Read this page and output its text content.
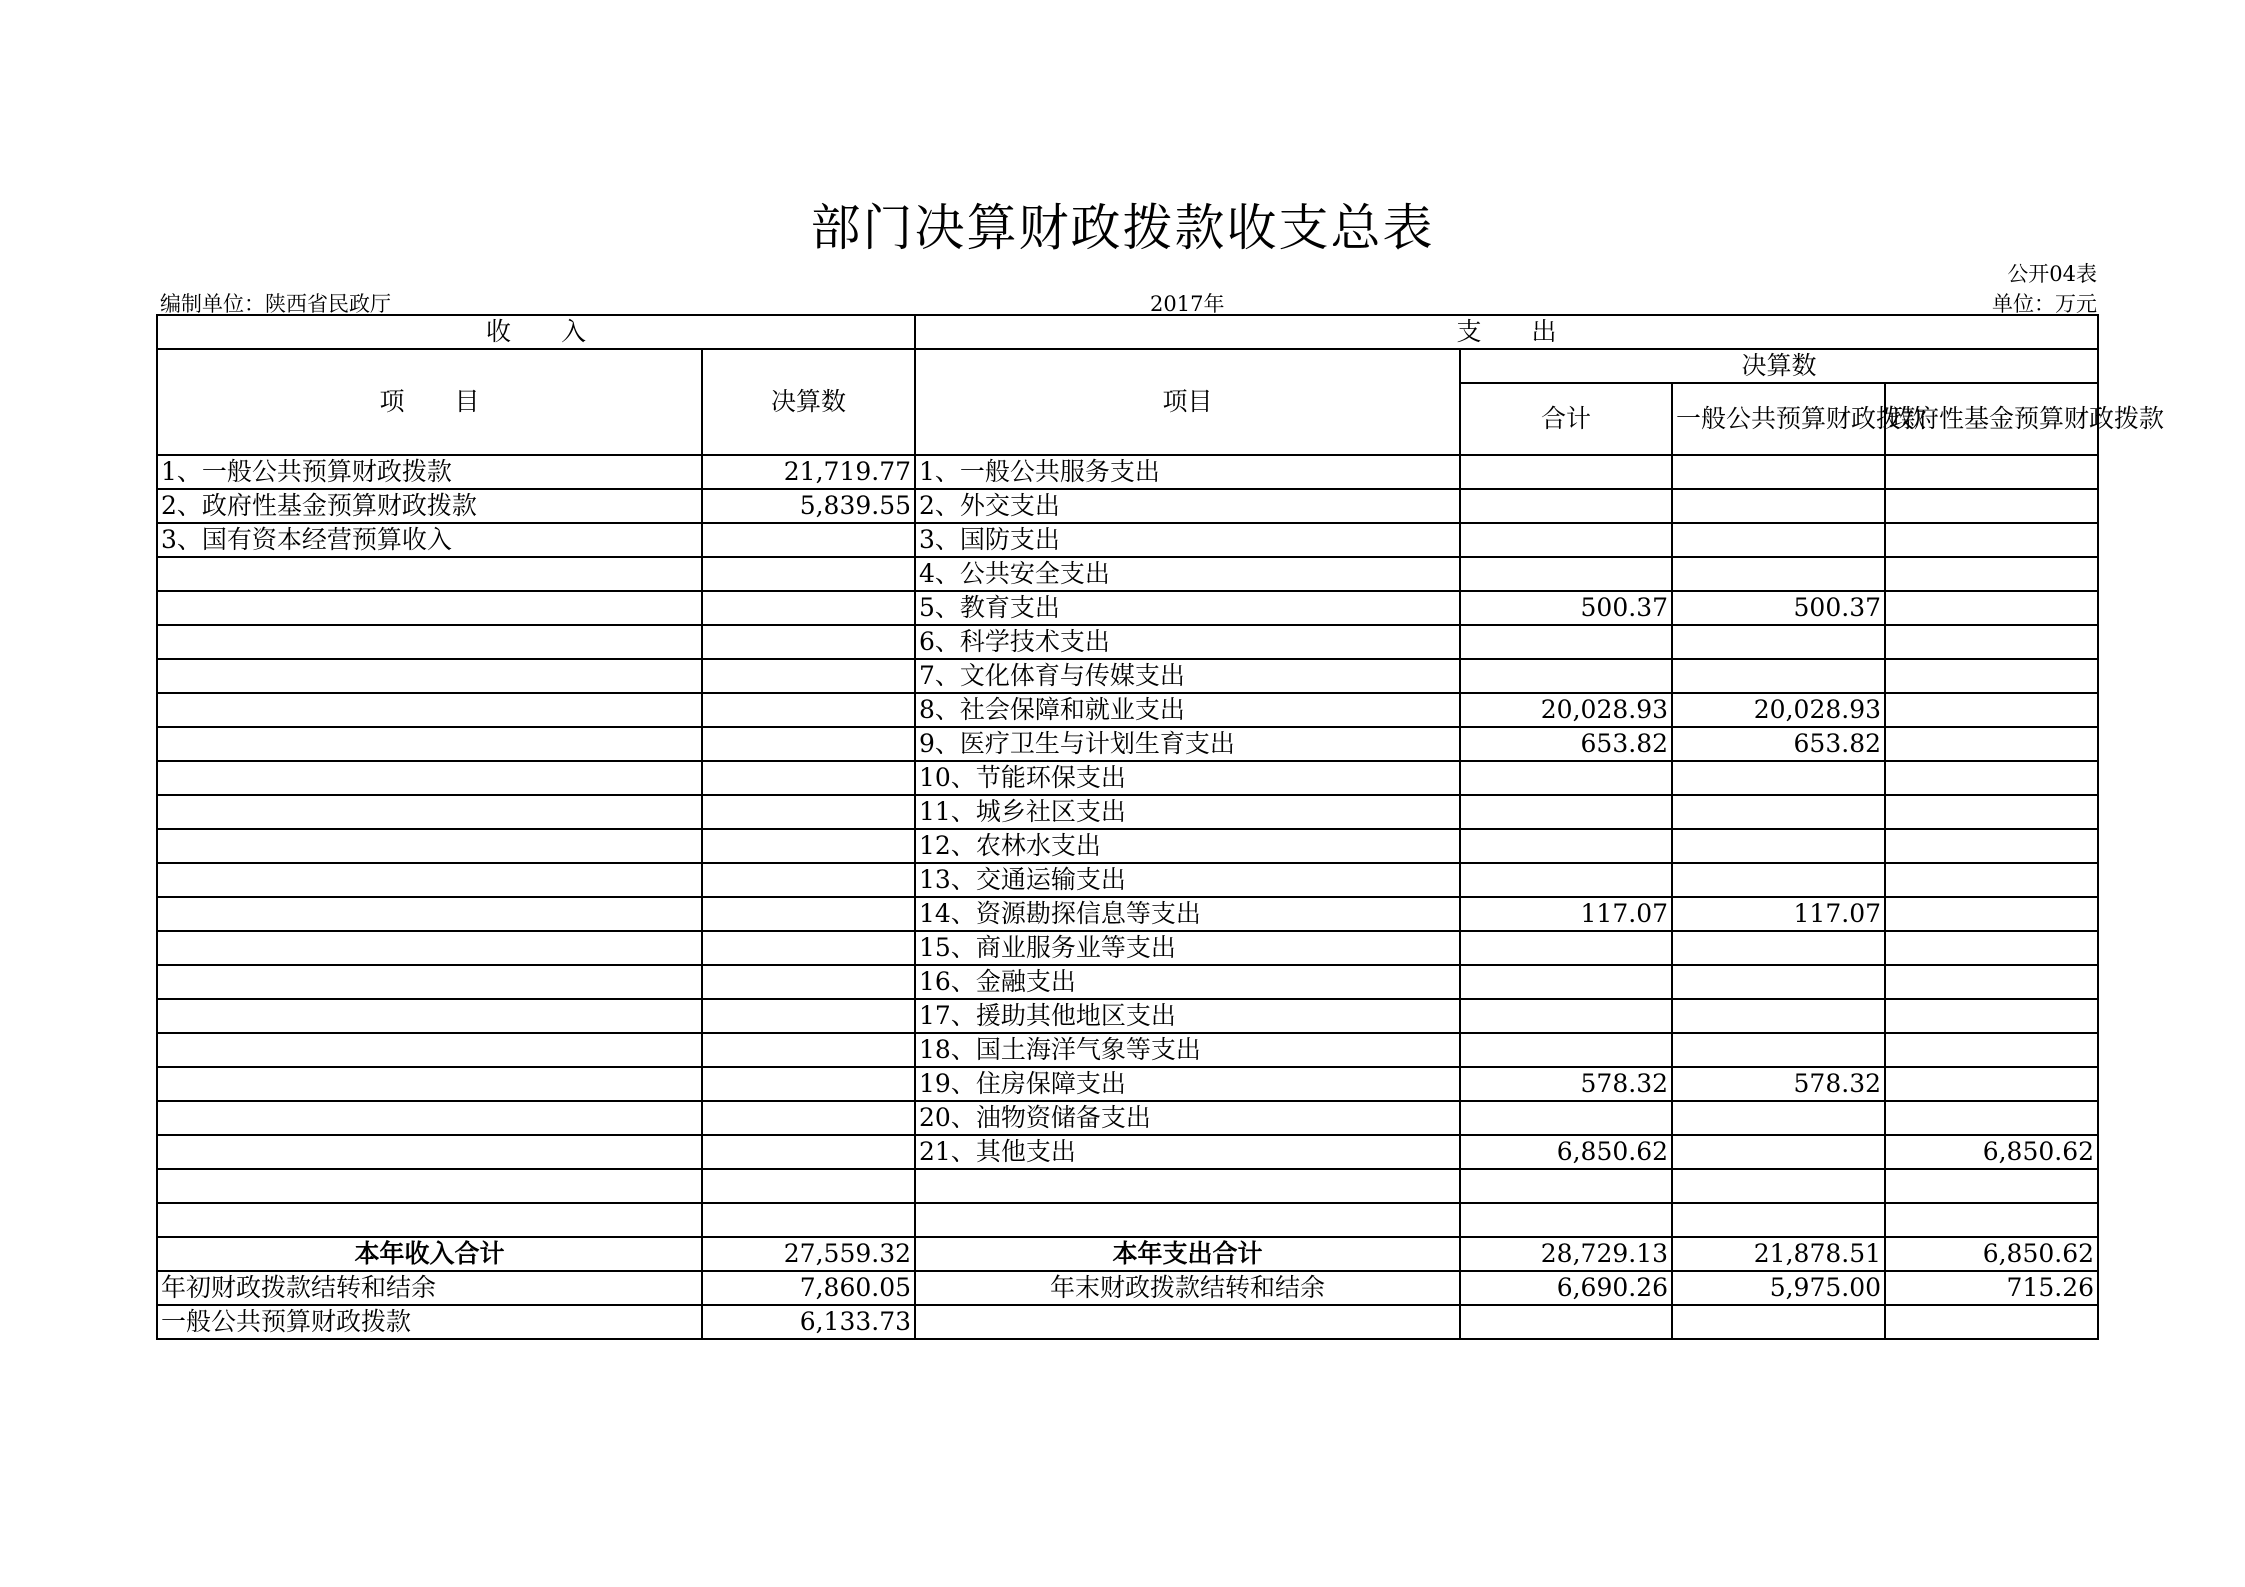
部门决算财政拨款收支总表
公开04表
编制单位：陕西省民政厅	2017年	单位：万元
收　　入		支　　出			
项　　目	决算数	项目	决算数		
			合计	一般公共预算财政拨款	政府性基金预算财政拨款
1、一般公共预算财政拨款	21,719.77	1、一般公共服务支出			
2、政府性基金预算财政拨款	5,839.55	2、外交支出			
3、国有资本经营预算收入		3、国防支出			
		4、公共安全支出			
		5、教育支出	500.37	500.37	
		6、科学技术支出			
		7、文化体育与传媒支出			
		8、社会保障和就业支出	20,028.93	20,028.93	
		9、医疗卫生与计划生育支出	653.82	653.82	
		10、节能环保支出			
		11、城乡社区支出			
		12、农林水支出			
		13、交通运输支出			
		14、资源勘探信息等支出	117.07	117.07	
		15、商业服务业等支出			
		16、金融支出			
		17、援助其他地区支出			
		18、国土海洋气象等支出			
		19、住房保障支出	578.32	578.32	
		20、油物资储备支出			
		21、其他支出	6,850.62		6,850.62

本年收入合计	27,559.32	本年支出合计	28,729.13	21,878.51	6,850.62
年初财政拨款结转和结余	7,860.05	年末财政拨款结转和结余	6,690.26	5,975.00	715.26
一般公共预算财政拨款	6,133.73				
